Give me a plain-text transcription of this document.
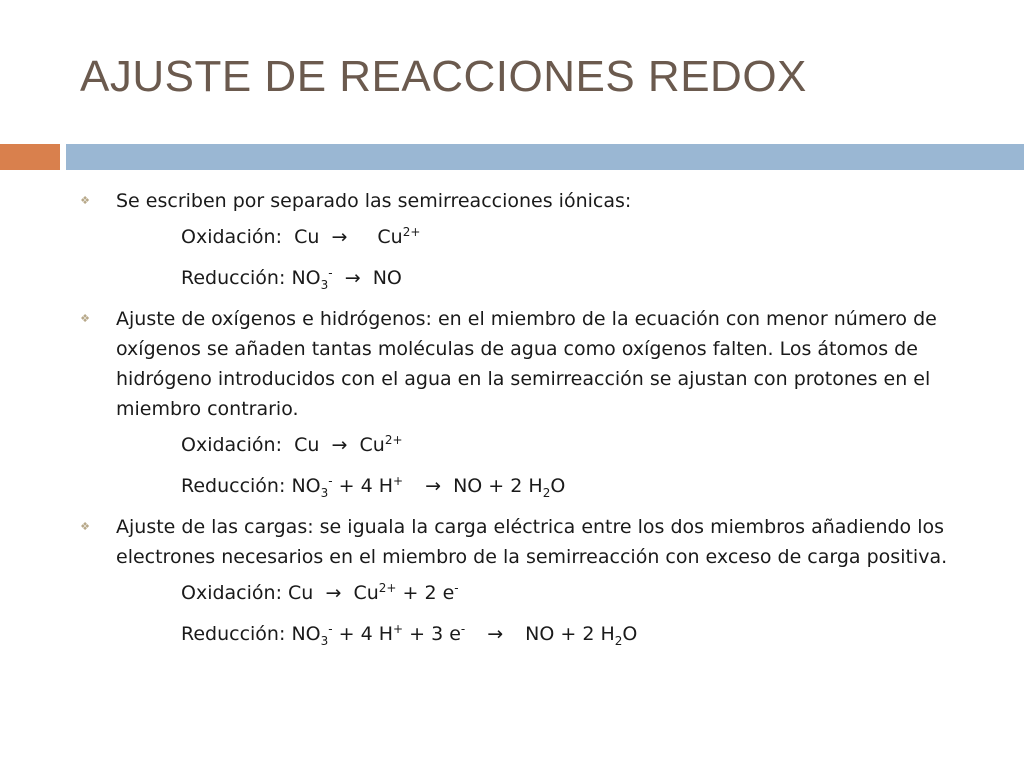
AJUSTE DE REACCIONES REDOX
❖ Se escriben por separado las semirreacciones iónicas:
Oxidación: $Cu \to Cu^{2+}$
Reducción: $NO_3^-$ → NO
❖ Ajuste de oxígenos e hidrógenos: en el miembro de la ecuación con menor número de oxígenos se añaden tantas moléculas de agua como oxígenos falten. Los átomos de hidrógeno introducidos con el agua en la semirreacción se ajustan con protones en el miembro contrario.
Oxidación: $Cu \to Cu^{2+}$
Reducción: $NO_3^- + 4$ H+ → NO + 2 $H_2O$
❖ Ajuste de las cargas: se iguala la carga eléctrica entre los dos miembros añadiendo los electrones necesarios en el miembro de la semirreacción con exceso de carga positiva.
Oxidación: $Cu \to Cu^{2+} + 2$ e-
Reducción: $NO_3^- + 4$ H+ + 3 e- → NO + 2 $H_2O$
